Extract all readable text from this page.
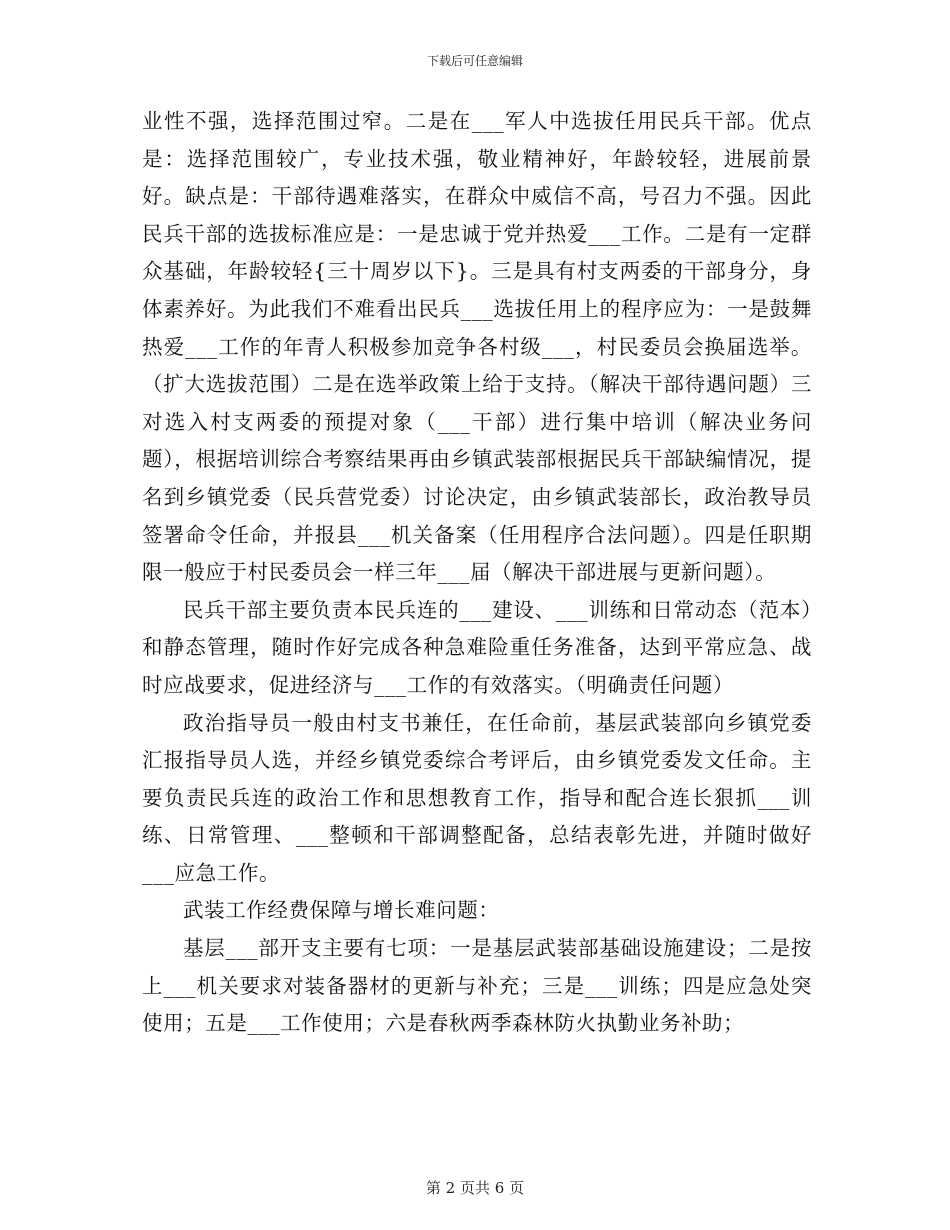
下载后可任意编辑

业性不强，选择范围过窄。二是在___军人中选拔任用民兵干部。优点是：选择范围较广，专业技术强，敬业精神好，年龄较轻，进展前景好。缺点是：干部待遇难落实，在群众中威信不高，号召力不强。因此民兵干部的选拔标准应是：一是忠诚于党并热爱___工作。二是有一定群众基础，年龄较轻{三十周岁以下}。三是具有村支两委的干部身分，身体素养好。为此我们不难看出民兵___选拔任用上的程序应为：一是鼓舞热爱___工作的年青人积极参加竞争各村级___，村民委员会换届选举。（扩大选拔范围）二是在选举政策上给于支持。（解决干部待遇问题）三对选入村支两委的预提对象（___干部）进行集中培训（解决业务问题），根据培训综合考察结果再由乡镇武装部根据民兵干部缺编情况，提名到乡镇党委（民兵营党委）讨论决定，由乡镇武装部长，政治教导员签署命令任命，并报县___机关备案（任用程序合法问题）。四是任职期限一般应于村民委员会一样三年___届（解决干部进展与更新问题）。

民兵干部主要负责本民兵连的___建设、___训练和日常动态（范本）和静态管理，随时作好完成各种急难险重任务准备，达到平常应急、战时应战要求，促进经济与___工作的有效落实。（明确责任问题）

政治指导员一般由村支书兼任，在任命前，基层武装部向乡镇党委汇报指导员人选，并经乡镇党委综合考评后，由乡镇党委发文任命。主要负责民兵连的政治工作和思想教育工作，指导和配合连长狠抓___训练、日常管理、___整顿和干部调整配备，总结表彰先进，并随时做好___应急工作。

武装工作经费保障与增长难问题：

基层___部开支主要有七项：一是基层武装部基础设施建设；二是按上___机关要求对装备器材的更新与补充；三是___训练；四是应急处突使用；五是___工作使用；六是春秋两季森林防火执勤业务补助；

第 2 页共 6 页
